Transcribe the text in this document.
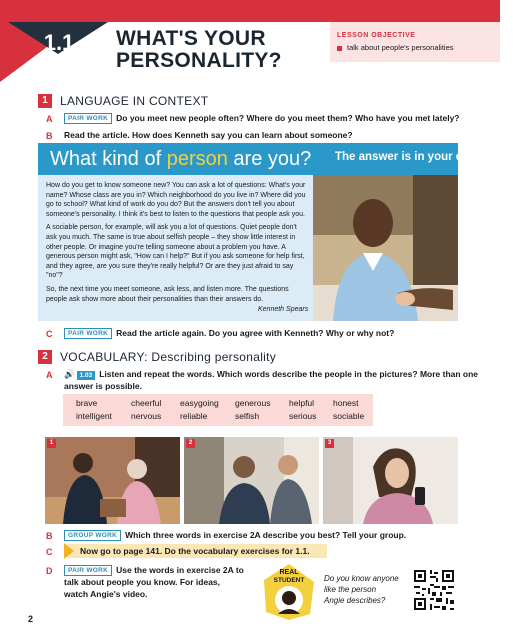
1.1	WHAT'S YOUR
PERSONALITY?
LESSON OBJECTIVE
talk about people's personalities
1	LANGUAGE IN CONTEXT
A	PAIR WORK Do you meet new people often? Where do you meet them? Who have you met lately?
B Read the article. How does Kenneth say you can learn about someone?
What kind of person are you? The answer is in your questions.

How do you get to know someone new? You can ask a lot of questions: What's your name? Whose class are you in? Which neighborhood do you live in? Where did you go to school? What kind of work do you do? But the answers don't tell you about someone's personality. I think it's best to listen to the questions that people ask you.

A sociable person, for example, will ask you a lot of questions. Quiet people don't ask you much. The same is true about selfish people – they show little interest in other people. Or imagine you're telling someone about a problem you have. A generous person might ask, "How can I help?" But if you ask someone for help first, and they agree, are you sure they're really helpful? Or are they just afraid to say "no"?

So, the next time you meet someone, ask less, and listen more. The questions people ask show more about their personalities than their answers do.

Kenneth Spears
C	PAIR WORK Read the article again. Do you agree with Kenneth? Why or why not?
2	VOCABULARY: Describing personality
A 🔊 1.03 Listen and repeat the words. Which words describe the people in the pictures? More than one
answer is possible.
brave	cheerful easygoing generous helpful honest
intelligent nervous reliable	selfish	serious sociable
1	2	3
B	GROUP WORK Which three words in exercise 2A describe you best? Tell your group.
C	Now go to page 141. Do the vocabulary exercises for 1.1.
D	PAIR WORK Use the words in exercise 2A to
talk about people you know. For ideas,
watch Angie's video.
REAL
STUDENT Do you know anyone
like the person
Angie describes?
2
